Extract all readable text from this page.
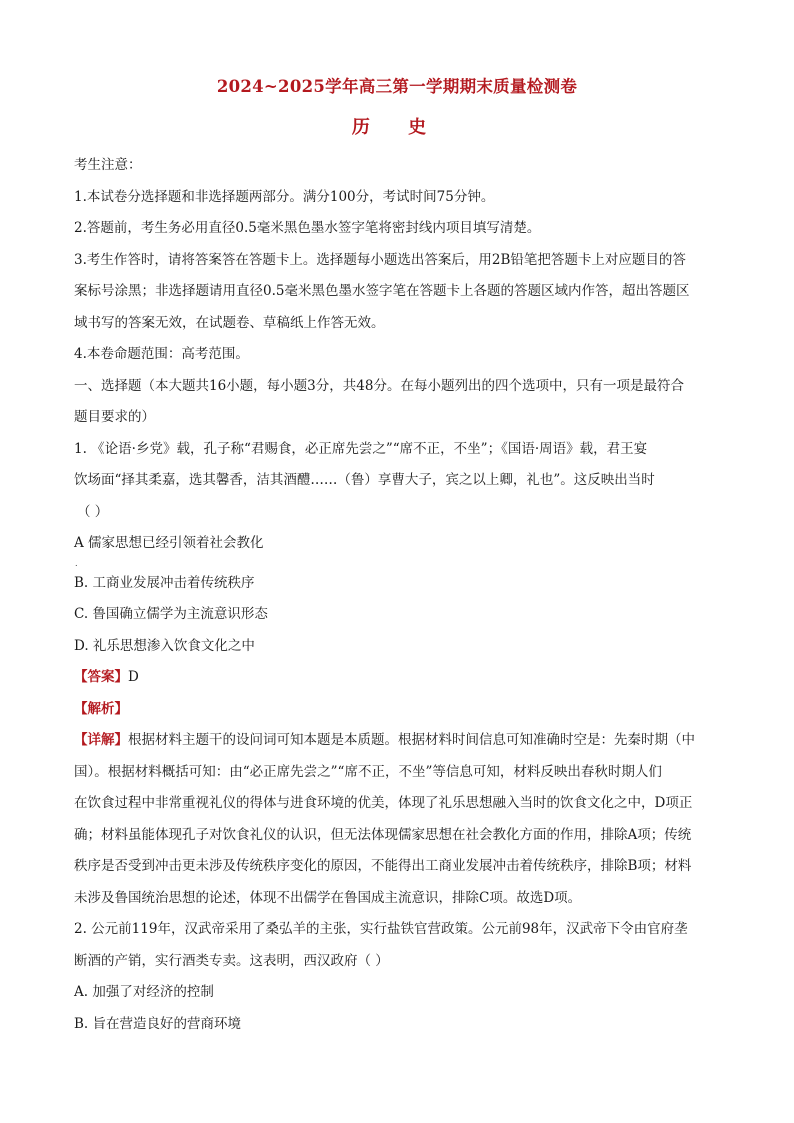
2024~2025学年高三第一学期期末质量检测卷
历 史

考生注意：

1.本试卷分选择题和非选择题两部分。满分100分，考试时间75分钟。

2.答题前，考生务必用直径0.5毫米黑色墨水签字笔将密封线内项目填写清楚。

3.考生作答时，请将答案答在答题卡上。选择题每小题选出答案后，用2B铅笔把答题卡上对应题目的答

案标号涂黑；非选择题请用直径0.5毫米黑色墨水签字笔在答题卡上各题的答题区域内作答，超出答题区

域书写的答案无效，在试题卷、草稿纸上作答无效。

4.本卷命题范围：高考范围。

一、选择题（本大题共16小题，每小题3分，共48分。在每小题列出的四个选项中，只有一项是最符合

题目要求的）

1. 《论语·乡党》载，孔子称“君赐食，必正席先尝之”“席不正，不坐”；《国语·周语》载，君王宴

饮场面“择其柔嘉，选其馨香，洁其酒醴……（鲁）享曹大子，宾之以上卿，礼也”。这反映出当时

（ ）

A 儒家思想已经引领着社会教化

.

B. 工商业发展冲击着传统秩序

C. 鲁国确立儒学为主流意识形态

D. 礼乐思想渗入饮食文化之中

【答案】D

【解析】

【详解】根据材料主题干的设问词可知本题是本质题。根据材料时间信息可知准确时空是：先秦时期（中

国）。根据材料概括可知：由“必正席先尝之”“席不正，不坐”等信息可知，材料反映出春秋时期人们

在饮食过程中非常重视礼仪的得体与进食环境的优美，体现了礼乐思想融入当时的饮食文化之中，D项正

确；材料虽能体现孔子对饮食礼仪的认识，但无法体现儒家思想在社会教化方面的作用，排除A项；传统

秩序是否受到冲击更未涉及传统秩序变化的原因，不能得出工商业发展冲击着传统秩序，排除B项；材料

未涉及鲁国统治思想的论述，体现不出儒学在鲁国成主流意识，排除C项。故选D项。

2. 公元前119年，汉武帝采用了桑弘羊的主张，实行盐铁官营政策。公元前98年，汉武帝下令由官府垄

断酒的产销，实行酒类专卖。这表明，西汉政府（ ）

A. 加强了对经济的控制

B. 旨在营造良好的营商环境
